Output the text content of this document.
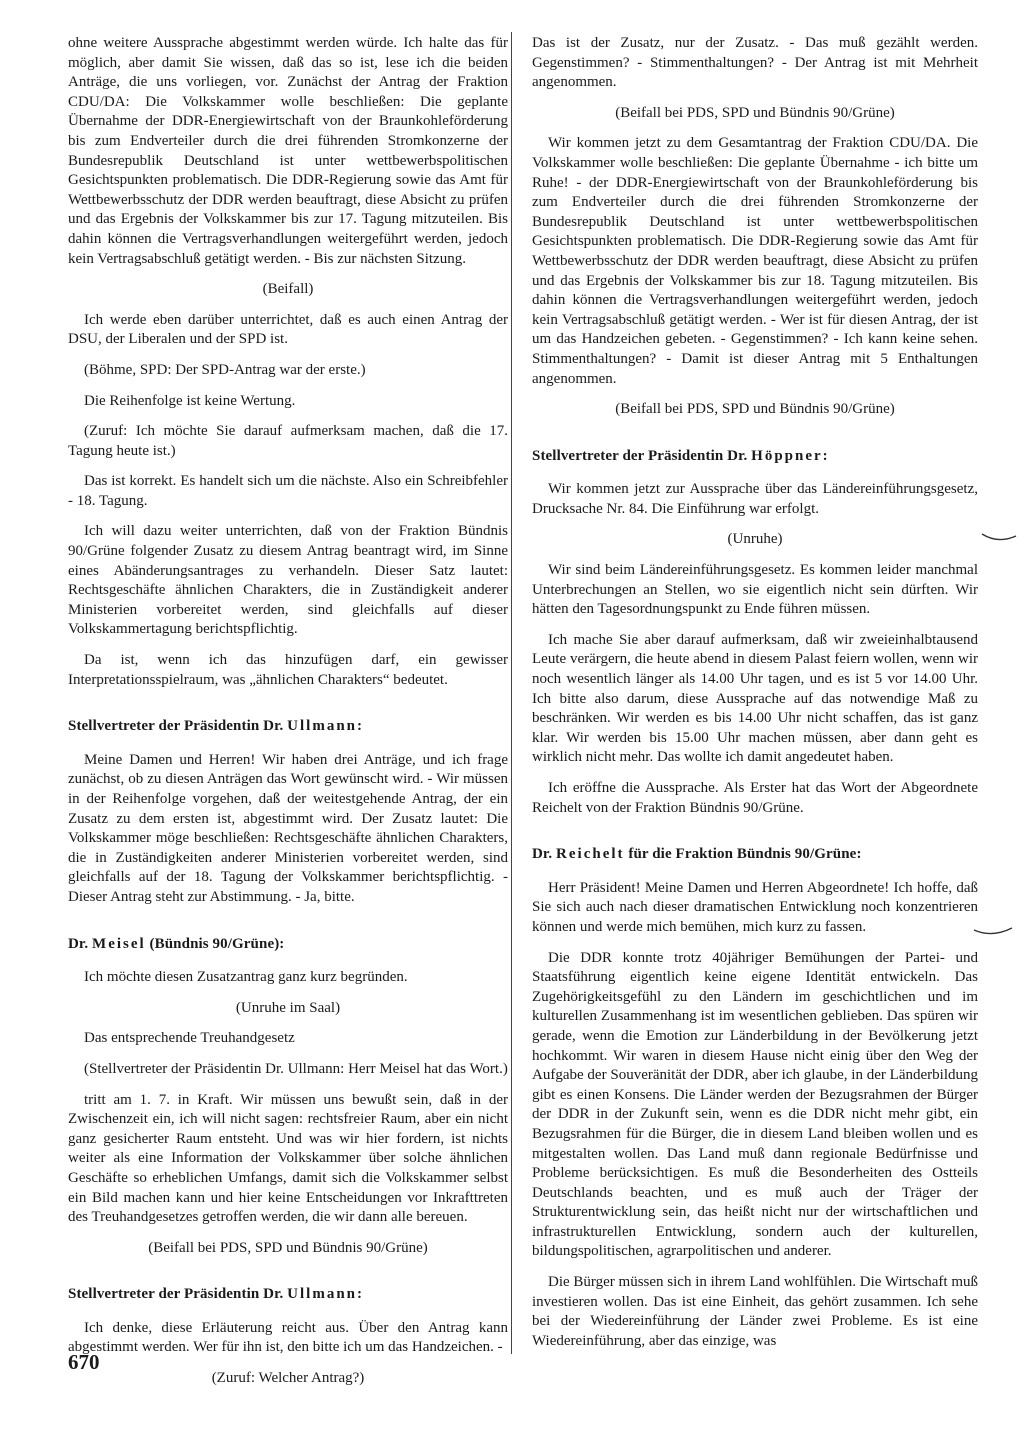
ohne weitere Aussprache abgestimmt werden würde. Ich halte das für möglich, aber damit Sie wissen, daß das so ist, lese ich die beiden Anträge, die uns vorliegen, vor. Zunächst der Antrag der Fraktion CDU/DA: Die Volkskammer wolle beschließen: Die geplante Übernahme der DDR-Energiewirtschaft von der Braunkohleförderung bis zum Endverteiler durch die drei führenden Stromkonzerne der Bundesrepublik Deutschland ist unter wettbewerbspolitischen Gesichtspunkten problematisch. Die DDR-Regierung sowie das Amt für Wettbewerbsschutz der DDR werden beauftragt, diese Absicht zu prüfen und das Ergebnis der Volkskammer bis zur 17. Tagung mitzuteilen. Bis dahin können die Vertragsverhandlungen weitergeführt werden, jedoch kein Vertragsabschluß getätigt werden. - Bis zur nächsten Sitzung.

(Beifall)

Ich werde eben darüber unterrichtet, daß es auch einen Antrag der DSU, der Liberalen und der SPD ist.

(Böhme, SPD: Der SPD-Antrag war der erste.)

Die Reihenfolge ist keine Wertung.

(Zuruf: Ich möchte Sie darauf aufmerksam machen, daß die 17. Tagung heute ist.)

Das ist korrekt. Es handelt sich um die nächste. Also ein Schreibfehler - 18. Tagung.

Ich will dazu weiter unterrichten, daß von der Fraktion Bündnis 90/Grüne folgender Zusatz zu diesem Antrag beantragt wird, im Sinne eines Abänderungsantrages zu verhandeln. Dieser Satz lautet: Rechtsgeschäfte ähnlichen Charakters, die in Zuständigkeit anderer Ministerien vorbereitet werden, sind gleichfalls auf dieser Volkskammertagung berichtspflichtig.

Da ist, wenn ich das hinzufügen darf, ein gewisser Interpretationsspielraum, was „ähnlichen Charakters“ bedeutet.

Stellvertreter der Präsidentin Dr. Ullmann:

Meine Damen und Herren! Wir haben drei Anträge, und ich frage zunächst, ob zu diesen Anträgen das Wort gewünscht wird. - Wir müssen in der Reihenfolge vorgehen, daß der weitestgehende Antrag, der ein Zusatz zu dem ersten ist, abgestimmt wird. Der Zusatz lautet: Die Volkskammer möge beschließen: Rechtsgeschäfte ähnlichen Charakters, die in Zuständigkeiten anderer Ministerien vorbereitet werden, sind gleichfalls auf der 18. Tagung der Volkskammer berichtspflichtig. - Dieser Antrag steht zur Abstimmung. - Ja, bitte.

Dr. Meisel (Bündnis 90/Grüne):

Ich möchte diesen Zusatzantrag ganz kurz begründen.

(Unruhe im Saal)

Das entsprechende Treuhandgesetz

(Stellvertreter der Präsidentin Dr. Ullmann: Herr Meisel hat das Wort.)

tritt am 1. 7. in Kraft. Wir müssen uns bewußt sein, daß in der Zwischenzeit ein, ich will nicht sagen: rechtsfreier Raum, aber ein nicht ganz gesicherter Raum entsteht. Und was wir hier fordern, ist nichts weiter als eine Information der Volkskammer über solche ähnlichen Geschäfte so erheblichen Umfangs, damit sich die Volkskammer selbst ein Bild machen kann und hier keine Entscheidungen vor Inkrafttreten des Treuhandgesetzes getroffen werden, die wir dann alle bereuen.

(Beifall bei PDS, SPD und Bündnis 90/Grüne)

Stellvertreter der Präsidentin Dr. Ullmann:

Ich denke, diese Erläuterung reicht aus. Über den Antrag kann abgestimmt werden. Wer für ihn ist, den bitte ich um das Handzeichen. -

(Zuruf: Welcher Antrag?)

Das ist der Zusatz, nur der Zusatz. - Das muß gezählt werden. Gegenstimmen? - Stimmenthaltungen? - Der Antrag ist mit Mehrheit angenommen.

(Beifall bei PDS, SPD und Bündnis 90/Grüne)

Wir kommen jetzt zu dem Gesamtantrag der Fraktion CDU/DA. Die Volkskammer wolle beschließen: Die geplante Übernahme - ich bitte um Ruhe! - der DDR-Energiewirtschaft von der Braunkohleförderung bis zum Endverteiler durch die drei führenden Stromkonzerne der Bundesrepublik Deutschland ist unter wettbewerbspolitischen Gesichtspunkten problematisch. Die DDR-Regierung sowie das Amt für Wettbewerbsschutz der DDR werden beauftragt, diese Absicht zu prüfen und das Ergebnis der Volkskammer bis zur 18. Tagung mitzuteilen. Bis dahin können die Vertragsverhandlungen weitergeführt werden, jedoch kein Vertragsabschluß getätigt werden. - Wer ist für diesen Antrag, der ist um das Handzeichen gebeten. - Gegenstimmen? - Ich kann keine sehen. Stimmenthaltungen? - Damit ist dieser Antrag mit 5 Enthaltungen angenommen.

(Beifall bei PDS, SPD und Bündnis 90/Grüne)

Stellvertreter der Präsidentin Dr. Höppner:

Wir kommen jetzt zur Aussprache über das Ländereinführungsgesetz, Drucksache Nr. 84. Die Einführung war erfolgt.

(Unruhe)

Wir sind beim Ländereinführungsgesetz. Es kommen leider manchmal Unterbrechungen an Stellen, wo sie eigentlich nicht sein dürften. Wir hätten den Tagesordnungspunkt zu Ende führen müssen.

Ich mache Sie aber darauf aufmerksam, daß wir zweieinhalbtausend Leute verärgern, die heute abend in diesem Palast feiern wollen, wenn wir noch wesentlich länger als 14.00 Uhr tagen, und es ist 5 vor 14.00 Uhr. Ich bitte also darum, diese Aussprache auf das notwendige Maß zu beschränken. Wir werden es bis 14.00 Uhr nicht schaffen, das ist ganz klar. Wir werden bis 15.00 Uhr machen müssen, aber dann geht es wirklich nicht mehr. Das wollte ich damit angedeutet haben.

Ich eröffne die Aussprache. Als Erster hat das Wort der Abgeordnete Reichelt von der Fraktion Bündnis 90/Grüne.

Dr. Reichelt für die Fraktion Bündnis 90/Grüne:

Herr Präsident! Meine Damen und Herren Abgeordnete! Ich hoffe, daß Sie sich auch nach dieser dramatischen Entwicklung noch konzentrieren können und werde mich bemühen, mich kurz zu fassen.

Die DDR konnte trotz 40jähriger Bemühungen der Partei- und Staatsführung eigentlich keine eigene Identität entwickeln. Das Zugehörigkeitsgefühl zu den Ländern im geschichtlichen und im kulturellen Zusammenhang ist im wesentlichen geblieben. Das spüren wir gerade, wenn die Emotion zur Länderbildung in der Bevölkerung jetzt hochkommt. Wir waren in diesem Hause nicht einig über den Weg der Aufgabe der Souveränität der DDR, aber ich glaube, in der Länderbildung gibt es einen Konsens. Die Länder werden der Bezugsrahmen der Bürger der DDR in der Zukunft sein, wenn es die DDR nicht mehr gibt, ein Bezugsrahmen für die Bürger, die in diesem Land bleiben wollen und es mitgestalten wollen. Das Land muß dann regionale Bedürfnisse und Probleme berücksichtigen. Es muß die Besonderheiten des Ostteils Deutschlands beachten, und es muß auch der Träger der Strukturentwicklung sein, das heißt nicht nur der wirtschaftlichen und infrastrukturellen Entwicklung, sondern auch der kulturellen, bildungspolitischen, agrarpolitischen und anderer.

Die Bürger müssen sich in ihrem Land wohlfühlen. Die Wirtschaft muß investieren wollen. Das ist eine Einheit, das gehört zusammen. Ich sehe bei der Wiedereinführung der Länder zwei Probleme. Es ist eine Wiedereinführung, aber das einzige, was

670
